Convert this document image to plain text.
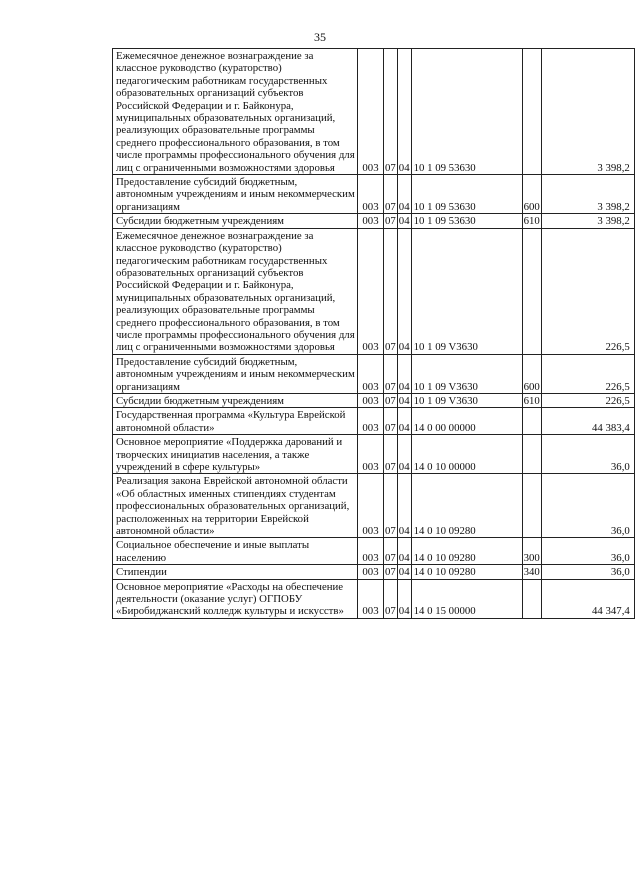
35
Ежемесячное денежное вознаграждение за классное руководство (кураторство) педагогическим работникам государственных образовательных организаций субъектов Российской Федерации и г. Байконура, муниципальных образовательных организаций, реализующих образовательные программы среднего профессионального образования, в том числе программы профессионального обучения для лиц с ограниченными возможностями здоровья	003	07	04	10 1 09 53630		3 398,2
Предоставление субсидий бюджетным, автономным учреждениям и иным некоммерческим организациям	003	07	04	10 1 09 53630	600	3 398,2
Субсидии бюджетным учреждениям	003	07	04	10 1 09 53630	610	3 398,2
Ежемесячное денежное вознаграждение за классное руководство (кураторство) педагогическим работникам государственных образовательных организаций субъектов Российской Федерации и г. Байконура, муниципальных образовательных организаций, реализующих образовательные программы среднего профессионального образования, в том числе программы профессионального обучения для лиц с ограниченными возможностями здоровья	003	07	04	10 1 09 V3630		226,5
Предоставление субсидий бюджетным, автономным учреждениям и иным некоммерческим организациям	003	07	04	10 1 09 V3630	600	226,5
Субсидии бюджетным учреждениям	003	07	04	10 1 09 V3630	610	226,5
Государственная программа «Культура Еврейской автономной области»	003	07	04	14 0 00 00000		44 383,4
Основное мероприятие «Поддержка дарований и творческих инициатив населения, а также учреждений в сфере культуры»	003	07	04	14 0 10 00000		36,0
Реализация закона Еврейской автономной области «Об областных именных стипендиях студентам профессиональных образовательных организаций, расположенных на территории Еврейской автономной области»	003	07	04	14 0 10 09280		36,0
Социальное обеспечение и иные выплаты населению	003	07	04	14 0 10 09280	300	36,0
Стипендии	003	07	04	14 0 10 09280	340	36,0
Основное мероприятие «Расходы на обеспечение деятельности (оказание услуг) ОГПОБУ «Биробиджанский колледж культуры и искусств»	003	07	04	14 0 15 00000		44 347,4
